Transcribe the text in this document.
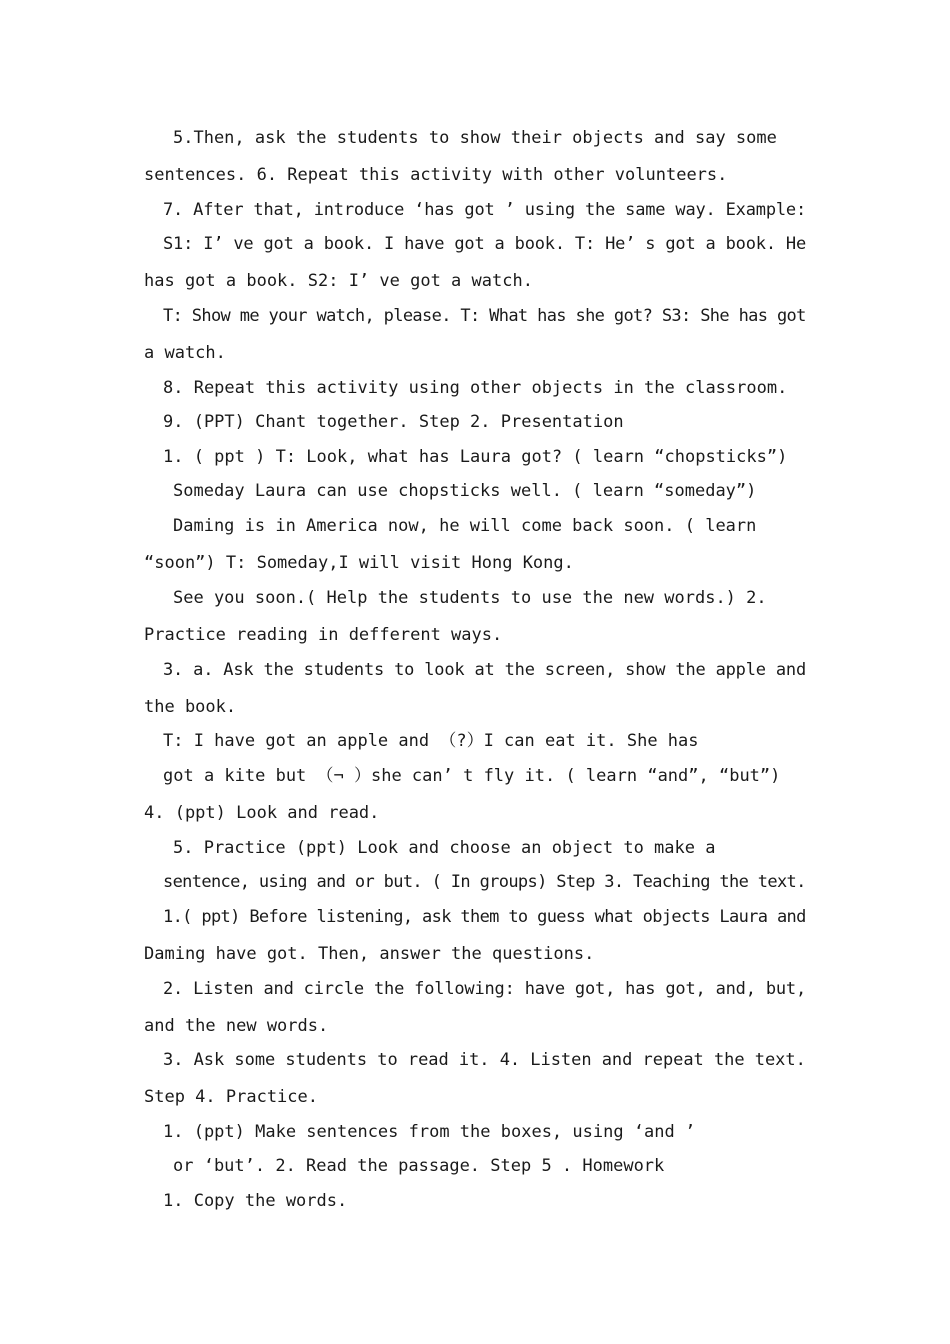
5.Then, ask the students to show their objects and say some
sentences. 6. Repeat this activity with other volunteers.
7. After that, introduce ‘has got ’ using the same way. Example:
S1: I’ ve got a book. I have got a book. T: He’ s got a book. He
has got a book. S2: I’ ve got a watch.
T: Show me your watch, please. T: What has she got? S3: She has got
a watch.
8. Repeat this activity using other objects in the classroom.
9. (PPT) Chant together. Step 2. Presentation
1. ( ppt ) T: Look, what has Laura got? ( learn “chopsticks”)
Someday Laura can use chopsticks well. ( learn “someday”)
Daming is in America now, he will come back soon. ( learn
“soon”) T: Someday,I will visit Hong Kong.
See you soon.( Help the students to use the new words.) 2.
Practice reading in defferent ways.
3. a. Ask the students to look at the screen, show the apple and
the book.
T: I have got an apple and （?）I can eat it. She has
got a kite but （¬ ）she can’ t fly it. ( learn “and”, “but”)
4. (ppt) Look and read.
5. Practice (ppt) Look and choose an object to make a
sentence, using and or but. ( In groups) Step 3. Teaching the text.
1.( ppt) Before listening, ask them to guess what objects Laura and
Daming have got. Then, answer the questions.
2. Listen and circle the following: have got, has got, and, but,
and the new words.
3. Ask some students to read it. 4. Listen and repeat the text.
Step 4. Practice.
1. (ppt) Make sentences from the boxes, using ‘and ’
or ‘but’. 2. Read the passage. Step 5 . Homework
1. Copy the words.
